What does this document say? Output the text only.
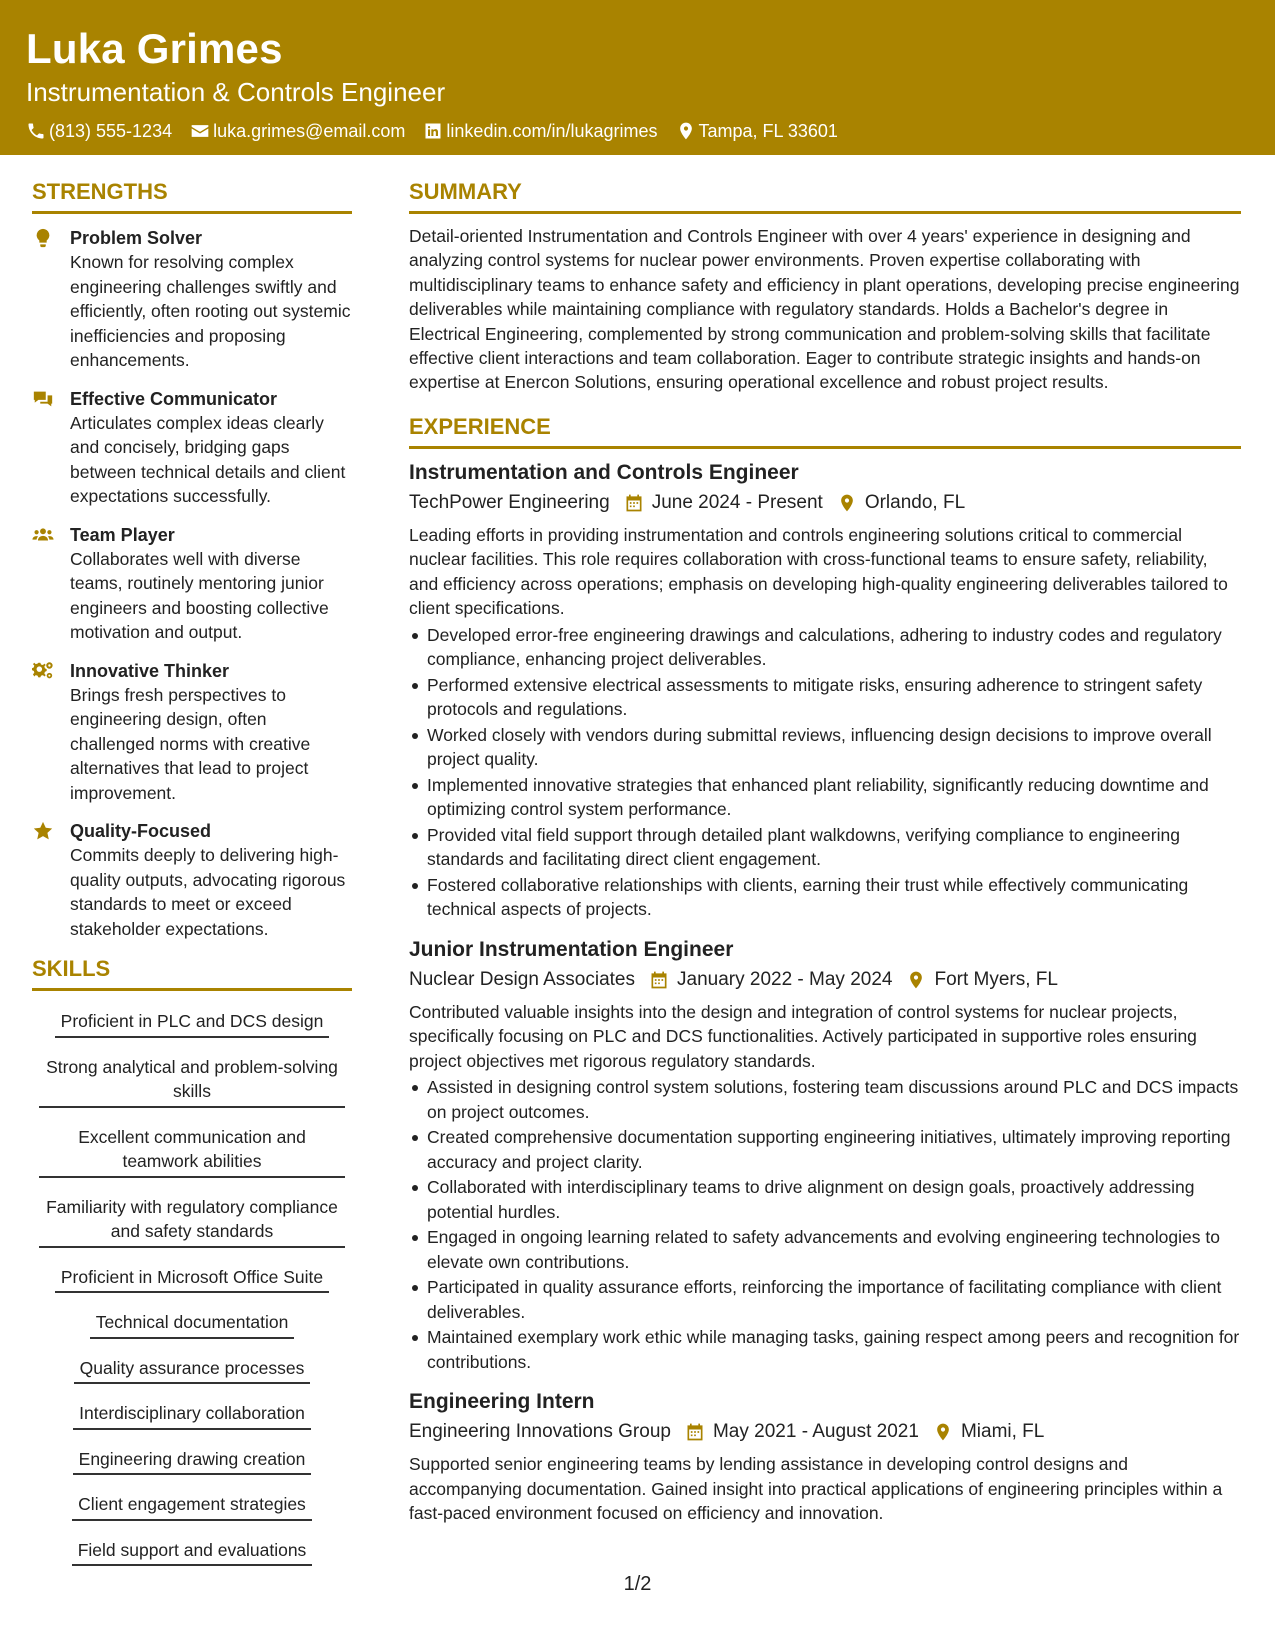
Luka Grimes
Instrumentation & Controls Engineer
(813) 555-1234 luka.grimes@email.com linkedin.com/in/lukagrimes Tampa, FL 33601
STRENGTHS
Problem Solver
Known for resolving complex engineering challenges swiftly and efficiently, often rooting out systemic inefficiencies and proposing enhancements.
Effective Communicator
Articulates complex ideas clearly and concisely, bridging gaps between technical details and client expectations successfully.
Team Player
Collaborates well with diverse teams, routinely mentoring junior engineers and boosting collective motivation and output.
Innovative Thinker
Brings fresh perspectives to engineering design, often challenged norms with creative alternatives that lead to project improvement.
Quality-Focused
Commits deeply to delivering high-quality outputs, advocating rigorous standards to meet or exceed stakeholder expectations.
SKILLS
Proficient in PLC and DCS design
Strong analytical and problem-solving skills
Excellent communication and teamwork abilities
Familiarity with regulatory compliance and safety standards
Proficient in Microsoft Office Suite
Technical documentation
Quality assurance processes
Interdisciplinary collaboration
Engineering drawing creation
Client engagement strategies
Field support and evaluations
SUMMARY
Detail-oriented Instrumentation and Controls Engineer with over 4 years' experience in designing and analyzing control systems for nuclear power environments. Proven expertise collaborating with multidisciplinary teams to enhance safety and efficiency in plant operations, developing precise engineering deliverables while maintaining compliance with regulatory standards. Holds a Bachelor's degree in Electrical Engineering, complemented by strong communication and problem-solving skills that facilitate effective client interactions and team collaboration. Eager to contribute strategic insights and hands-on expertise at Enercon Solutions, ensuring operational excellence and robust project results.
EXPERIENCE
Instrumentation and Controls Engineer
TechPower Engineering June 2024 - Present Orlando, FL
Leading efforts in providing instrumentation and controls engineering solutions critical to commercial nuclear facilities. This role requires collaboration with cross-functional teams to ensure safety, reliability, and efficiency across operations; emphasis on developing high-quality engineering deliverables tailored to client specifications.
Developed error-free engineering drawings and calculations, adhering to industry codes and regulatory compliance, enhancing project deliverables.
Performed extensive electrical assessments to mitigate risks, ensuring adherence to stringent safety protocols and regulations.
Worked closely with vendors during submittal reviews, influencing design decisions to improve overall project quality.
Implemented innovative strategies that enhanced plant reliability, significantly reducing downtime and optimizing control system performance.
Provided vital field support through detailed plant walkdowns, verifying compliance to engineering standards and facilitating direct client engagement.
Fostered collaborative relationships with clients, earning their trust while effectively communicating technical aspects of projects.
Junior Instrumentation Engineer
Nuclear Design Associates January 2022 - May 2024 Fort Myers, FL
Contributed valuable insights into the design and integration of control systems for nuclear projects, specifically focusing on PLC and DCS functionalities. Actively participated in supportive roles ensuring project objectives met rigorous regulatory standards.
Assisted in designing control system solutions, fostering team discussions around PLC and DCS impacts on project outcomes.
Created comprehensive documentation supporting engineering initiatives, ultimately improving reporting accuracy and project clarity.
Collaborated with interdisciplinary teams to drive alignment on design goals, proactively addressing potential hurdles.
Engaged in ongoing learning related to safety advancements and evolving engineering technologies to elevate own contributions.
Participated in quality assurance efforts, reinforcing the importance of facilitating compliance with client deliverables.
Maintained exemplary work ethic while managing tasks, gaining respect among peers and recognition for contributions.
Engineering Intern
Engineering Innovations Group May 2021 - August 2021 Miami, FL
Supported senior engineering teams by lending assistance in developing control designs and accompanying documentation. Gained insight into practical applications of engineering principles within a fast-paced environment focused on efficiency and innovation.
1/2
